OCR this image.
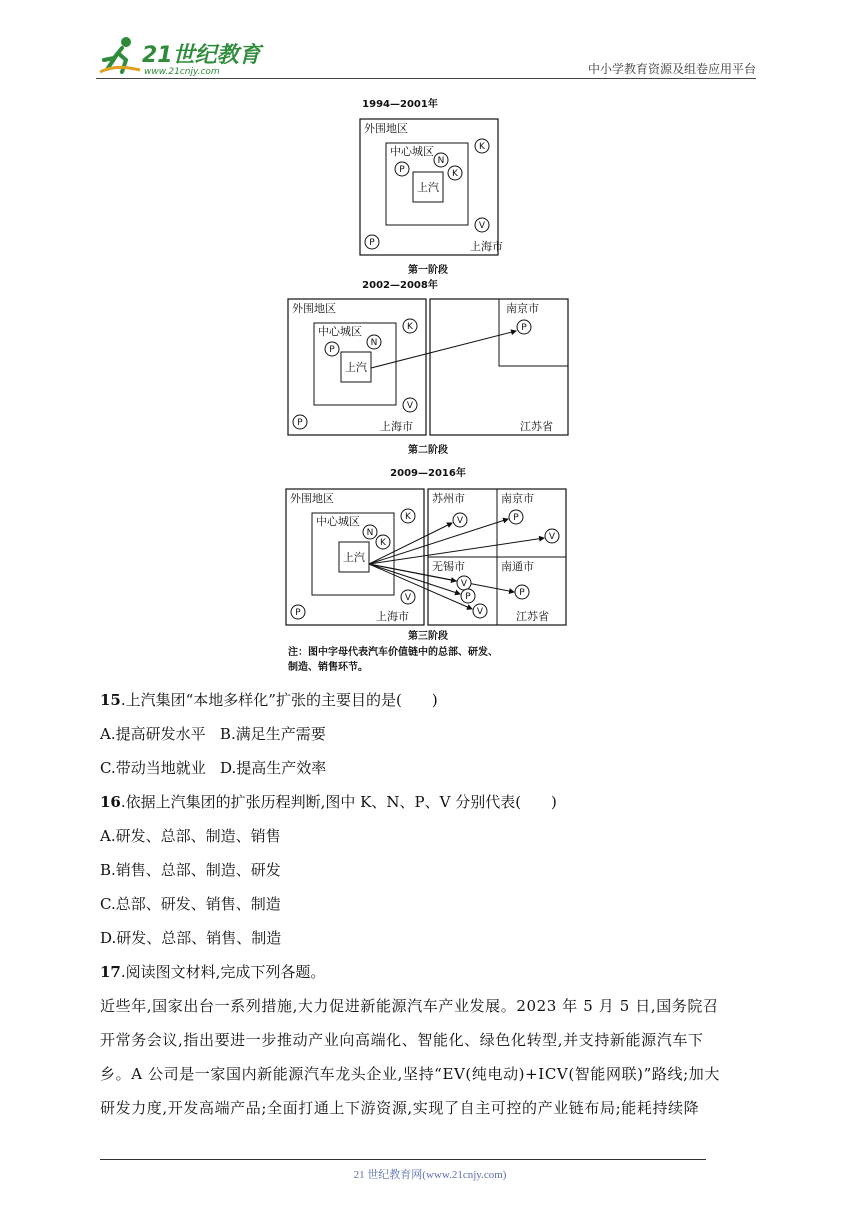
21世纪教育
www.21cnjy.com	中小学教育资源及组卷应用平台
1994—2001年
外围地区
中心城区
上汽
上海市
K
N
P	K
V
P
第一阶段
2002—2008年
外围地区
中心城区
上汽
上海市
南京市
江苏省
K
N
P
V
P
P
第二阶段
2009—2016年
外围地区
中心城区
上汽
上海市
苏州市	南京市
无锡市	南通市
江苏省
K
N
K
V
P
V	P
V
V
P
P
V
第三阶段
注：图中字母代表汽车价值链中的总部、研发、
制造、销售环节。
15.上汽集团“本地多样化”扩张的主要目的是(　　)
A.提高研发水平 B.满足生产需要
C.带动当地就业 D.提高生产效率
16.依据上汽集团的扩张历程判断,图中 K、N、P、V 分别代表(　　)
A.研发、总部、制造、销售
B.销售、总部、制造、研发
C.总部、研发、销售、制造
D.研发、总部、销售、制造
17.阅读图文材料,完成下列各题。
近些年,国家出台一系列措施,大力促进新能源汽车产业发展。2023 年 5 月 5 日,国务院召
开常务会议,指出要进一步推动产业向高端化、智能化、绿色化转型,并支持新能源汽车下
乡。A 公司是一家国内新能源汽车龙头企业,坚持“EV(纯电动)+ICV(智能网联)”路线;加大
研发力度,开发高端产品;全面打通上下游资源,实现了自主可控的产业链布局;能耗持续降
21 世纪教育网(www.21cnjy.com)
